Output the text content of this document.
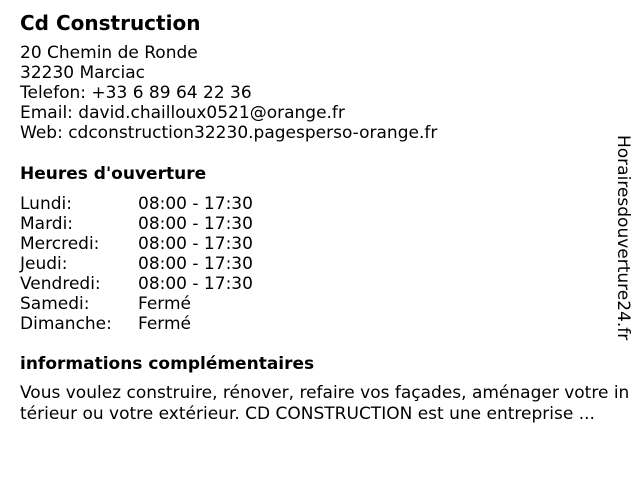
Cd Construction
20 Chemin de Ronde
32230 Marciac
Telefon: +33 6 89 64 22 36
Email: david.chailloux0521@orange.fr
Web: cdconstruction32230.pagesperso-orange.fr
Heures d'ouverture
Lundi:	08:00 - 17:30
Mardi:	08:00 - 17:30
Mercredi: 08:00 - 17:30
Jeudi:	08:00 - 17:30
Vendredi: 08:00 - 17:30
Samedi:	Fermé
Dimanche: Fermé
informations complémentaires
Vous voulez construire, rénover, refaire vos façades, aménager votre intérieur ou votre extérieur. CD CONSTRUCTION est une entreprise ...
Horairesdouverture24.fr
